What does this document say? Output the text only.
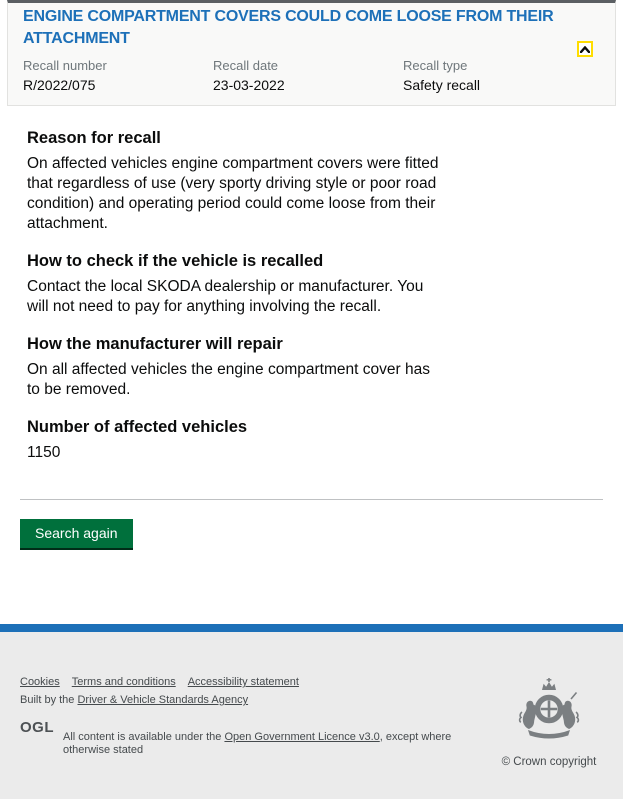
ENGINE COMPARTMENT COVERS COULD COME LOOSE FROM THEIR ATTACHMENT

Recall number

R/2022/075

Recall date

23-03-2022

Recall type

Safety recall

Reason for recall

On affected vehicles engine compartment covers were fitted that regardless of use (very sporty driving style or poor road condition) and operating period could come loose from their attachment.

How to check if the vehicle is recalled

Contact the local SKODA dealership or manufacturer. You will not need to pay for anything involving the recall.

How the manufacturer will repair

On all affected vehicles the engine compartment cover has to be removed.

Number of affected vehicles

1150

Search again
Cookies Terms and conditions Accessibility statement

Built by the Driver & Vehicle Standards Agency

OGL

All content is available under the Open Government Licence v3.0, except where otherwise stated

© Crown copyright
